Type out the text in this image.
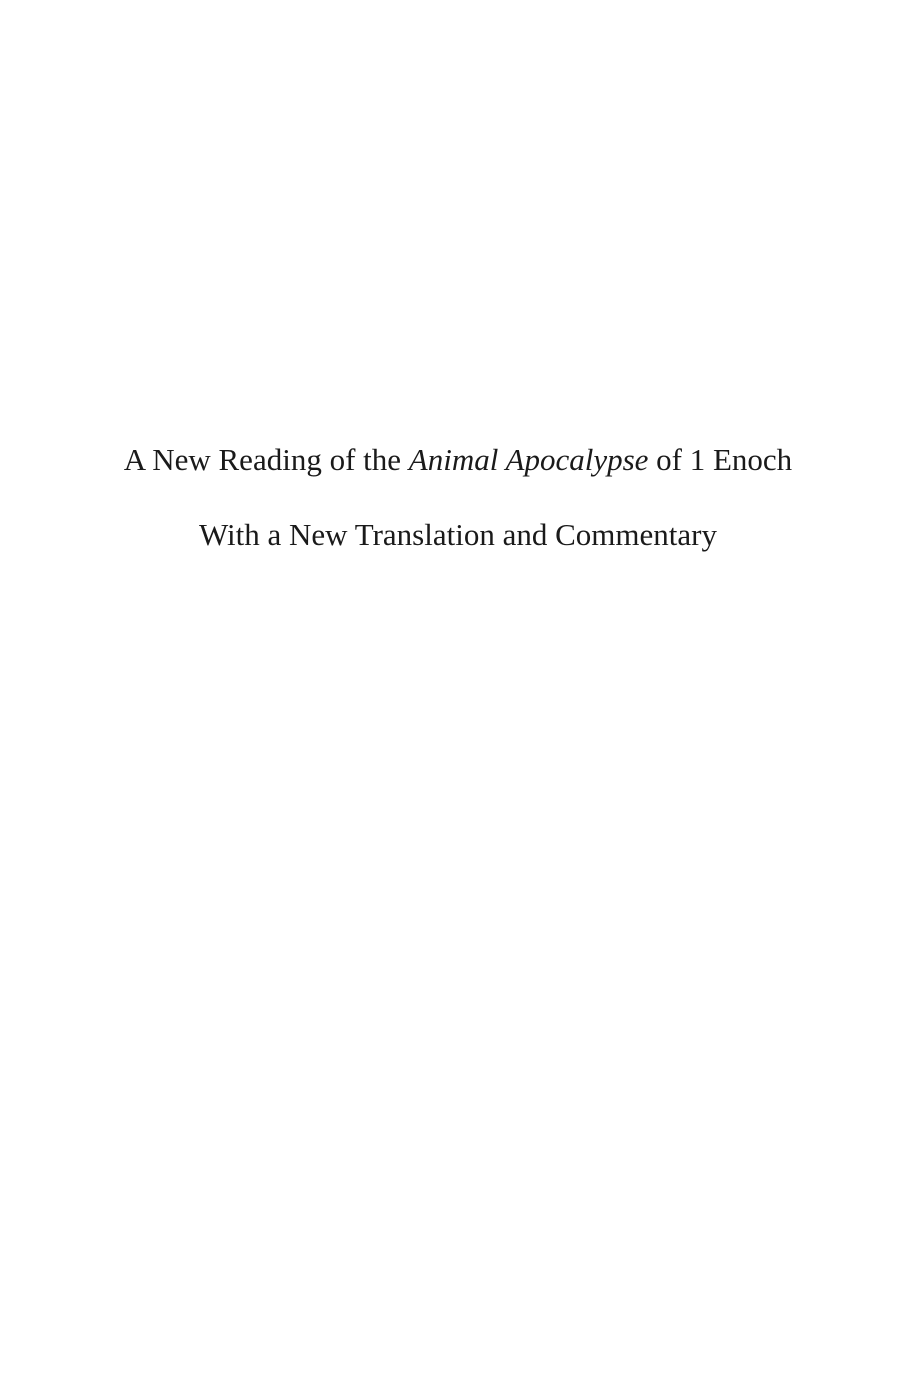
A New Reading of the Animal Apocalypse of 1 Enoch
With a New Translation and Commentary
